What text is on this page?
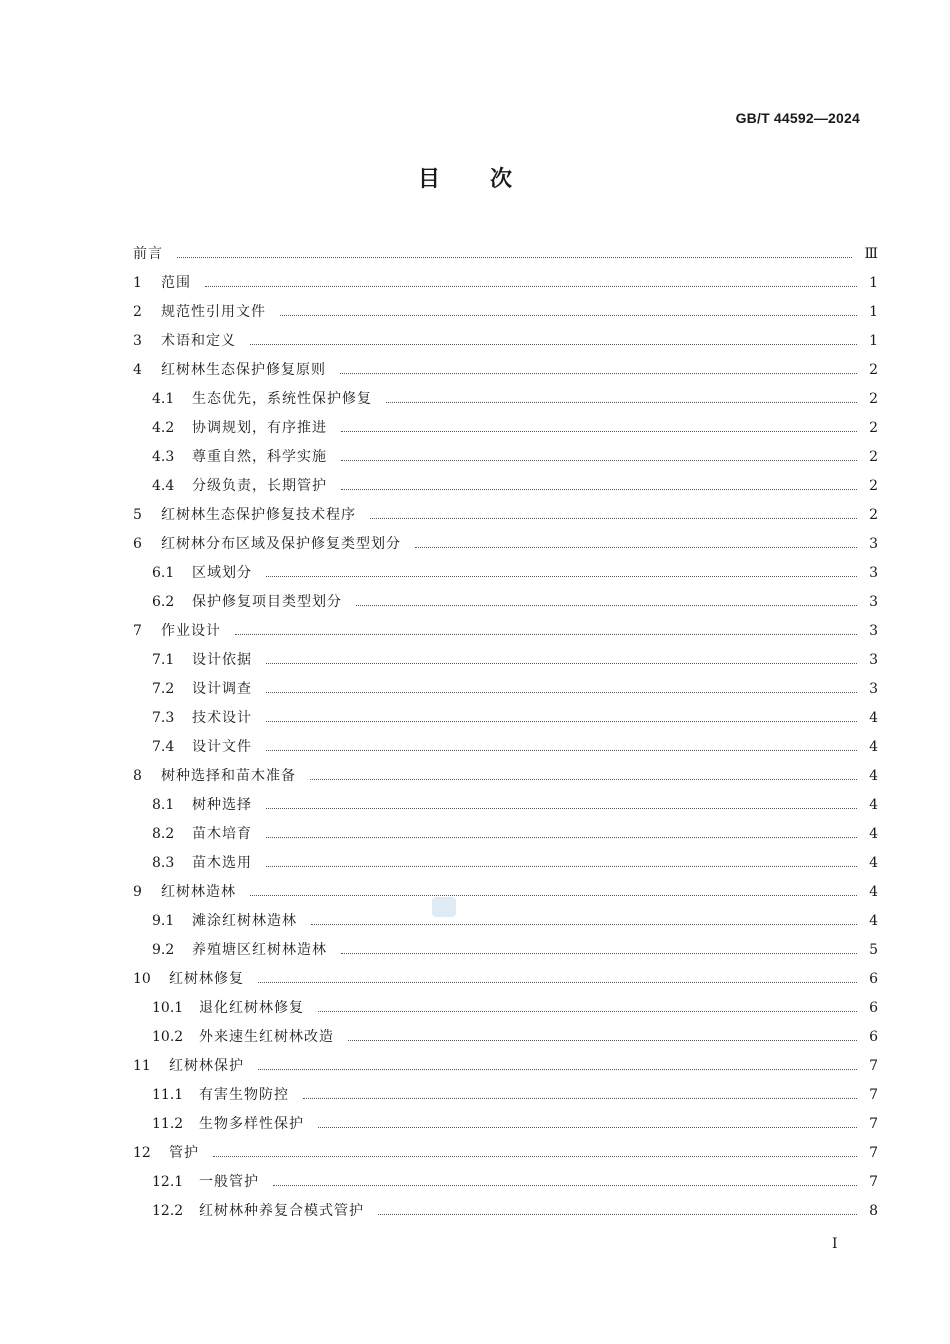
GB/T 44592—2024
目次
前言	Ⅲ
1	范围	1
2	规范性引用文件	1
3	术语和定义	1
4	红树林生态保护修复原则	2
4.1	生态优先，系统性保护修复	2
4.2	协调规划，有序推进	2
4.3	尊重自然，科学实施	2
4.4	分级负责，长期管护	2
5	红树林生态保护修复技术程序	2
6	红树林分布区域及保护修复类型划分	3
6.1	区域划分	3
6.2	保护修复项目类型划分	3
7	作业设计	3
7.1	设计依据	3
7.2	设计调查	3
7.3	技术设计	4
7.4	设计文件	4
8	树种选择和苗木准备	4
8.1	树种选择	4
8.2	苗木培育	4
8.3	苗木选用	4
9	红树林造林	4
9.1	滩涂红树林造林	4
9.2	养殖塘区红树林造林	5
10	红树林修复	6
10.1	退化红树林修复	6
10.2	外来速生红树林改造	6
11	红树林保护	7
11.1	有害生物防控	7
11.2	生物多样性保护	7
12	管护	7
12.1	一般管护	7
12.2	红树林种养复合模式管护	8
Ⅰ
